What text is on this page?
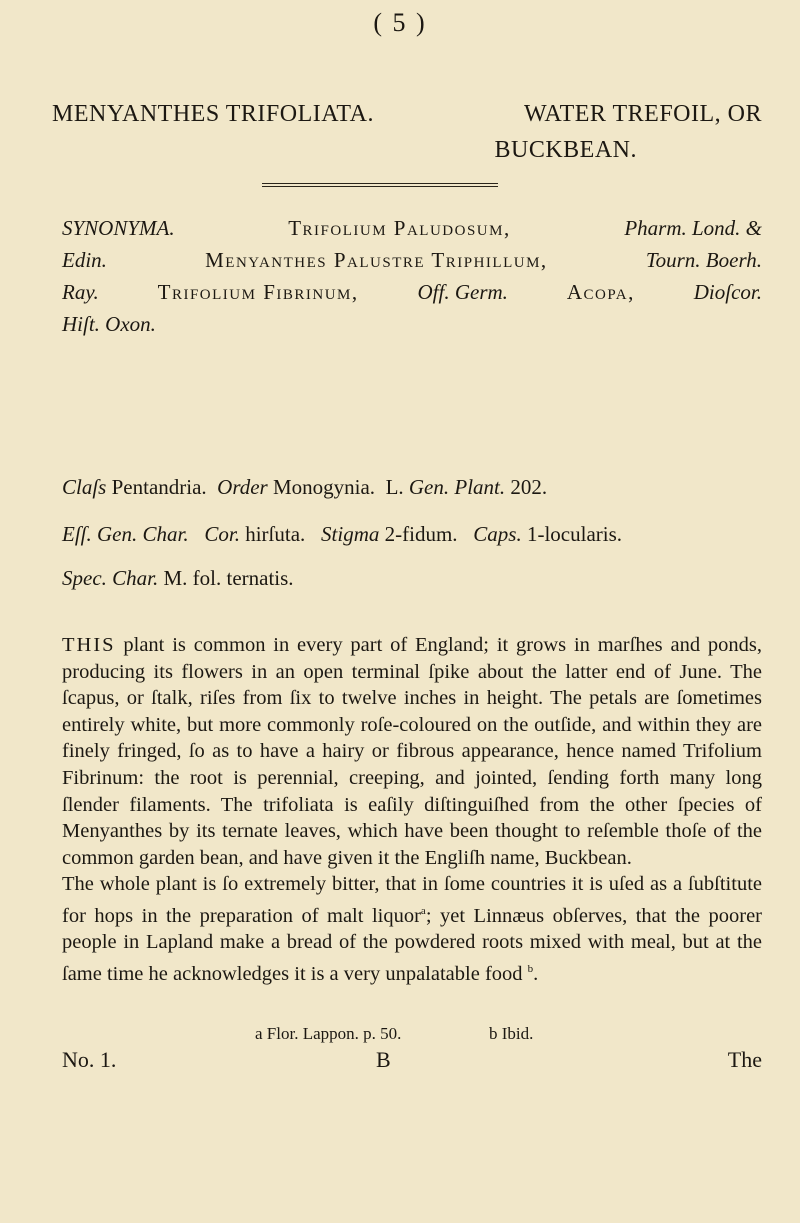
( 5 )
MENYANTHES TRIFOLIATA.	WATER TREFOIL, OR
BUCKBEAN.
SYNONYMA.	Trifolium Paludosum,	Pharm. Lond. &
Edin.	Menyanthes Palustre Triphillum,	Tourn. Boerh.
Ray.	Trifolium Fibrinum,	Off. Germ.	Acopa,	Dioſcor.
Hiſt. Oxon.
Claſs Pentandria. Order Monogynia. L. Gen. Plant. 202.
Eſſ. Gen. Char. Cor. hirſuta. Stigma 2-fidum. Caps. 1-locularis.
Spec. Char. M. fol. ternatis.

THIS plant is common in every part of England; it grows in marſhes and ponds, producing its flowers in an open terminal ſpike about the latter end of June. The ſcapus, or ſtalk, riſes from ſix to twelve inches in height. The petals are ſometimes entirely white, but more commonly roſe-coloured on the outſide, and within they are finely fringed, ſo as to have a hairy or fibrous appearance, hence named Trifolium Fibrinum: the root is perennial, creeping, and jointed, ſending forth many long ſlender filaments. The trifoliata is eaſily diſtinguiſhed from the other ſpecies of Menyanthes by its ternate leaves, which have been thought to reſemble thoſe of the common garden bean, and have given it the Engliſh name, Buckbean.

The whole plant is ſo extremely bitter, that in ſome countries it is uſed as a ſubſtitute for hops in the preparation of malt liquor$^a$; yet Linnæus obſerves, that the poorer people in Lapland make a bread of the powdered roots mixed with meal, but at the ſame time he acknowledges it is a very unpalatable food $^b$.

a Flor. Lappon. p. 50.	b Ibid.
No. 1.	B	The
